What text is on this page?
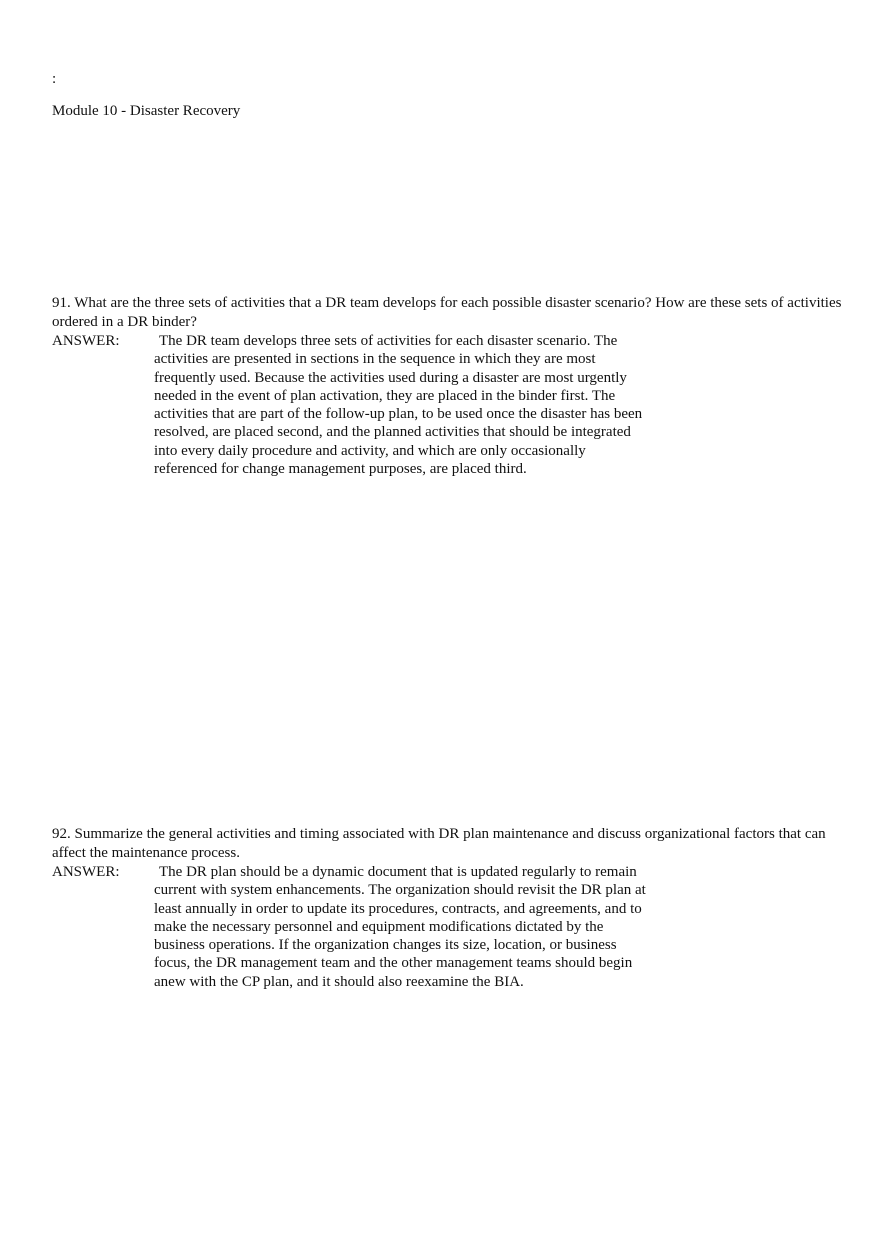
:
Module 10 - Disaster Recovery

91. What are the three sets of activities that a DR team develops for each possible disaster scenario? How are these sets of activities ordered in a DR binder?

ANSWER:	The DR team develops three sets of activities for each disaster scenario. The
activities are presented in sections in the sequence in which they are most
frequently used. Because the activities used during a disaster are most urgently
needed in the event of plan activation, they are placed in the binder first. The
activities that are part of the follow-up plan, to be used once the disaster has been
resolved, are placed second, and the planned activities that should be integrated
into every daily procedure and activity, and which are only occasionally
referenced for change management purposes, are placed third.

92. Summarize the general activities and timing associated with DR plan maintenance and discuss organizational factors that can affect the maintenance process.

ANSWER:	The DR plan should be a dynamic document that is updated regularly to remain
current with system enhancements. The organization should revisit the DR plan at
least annually in order to update its procedures, contracts, and agreements, and to
make the necessary personnel and equipment modifications dictated by the
business operations. If the organization changes its size, location, or business
focus, the DR management team and the other management teams should begin
anew with the CP plan, and it should also reexamine the BIA.
